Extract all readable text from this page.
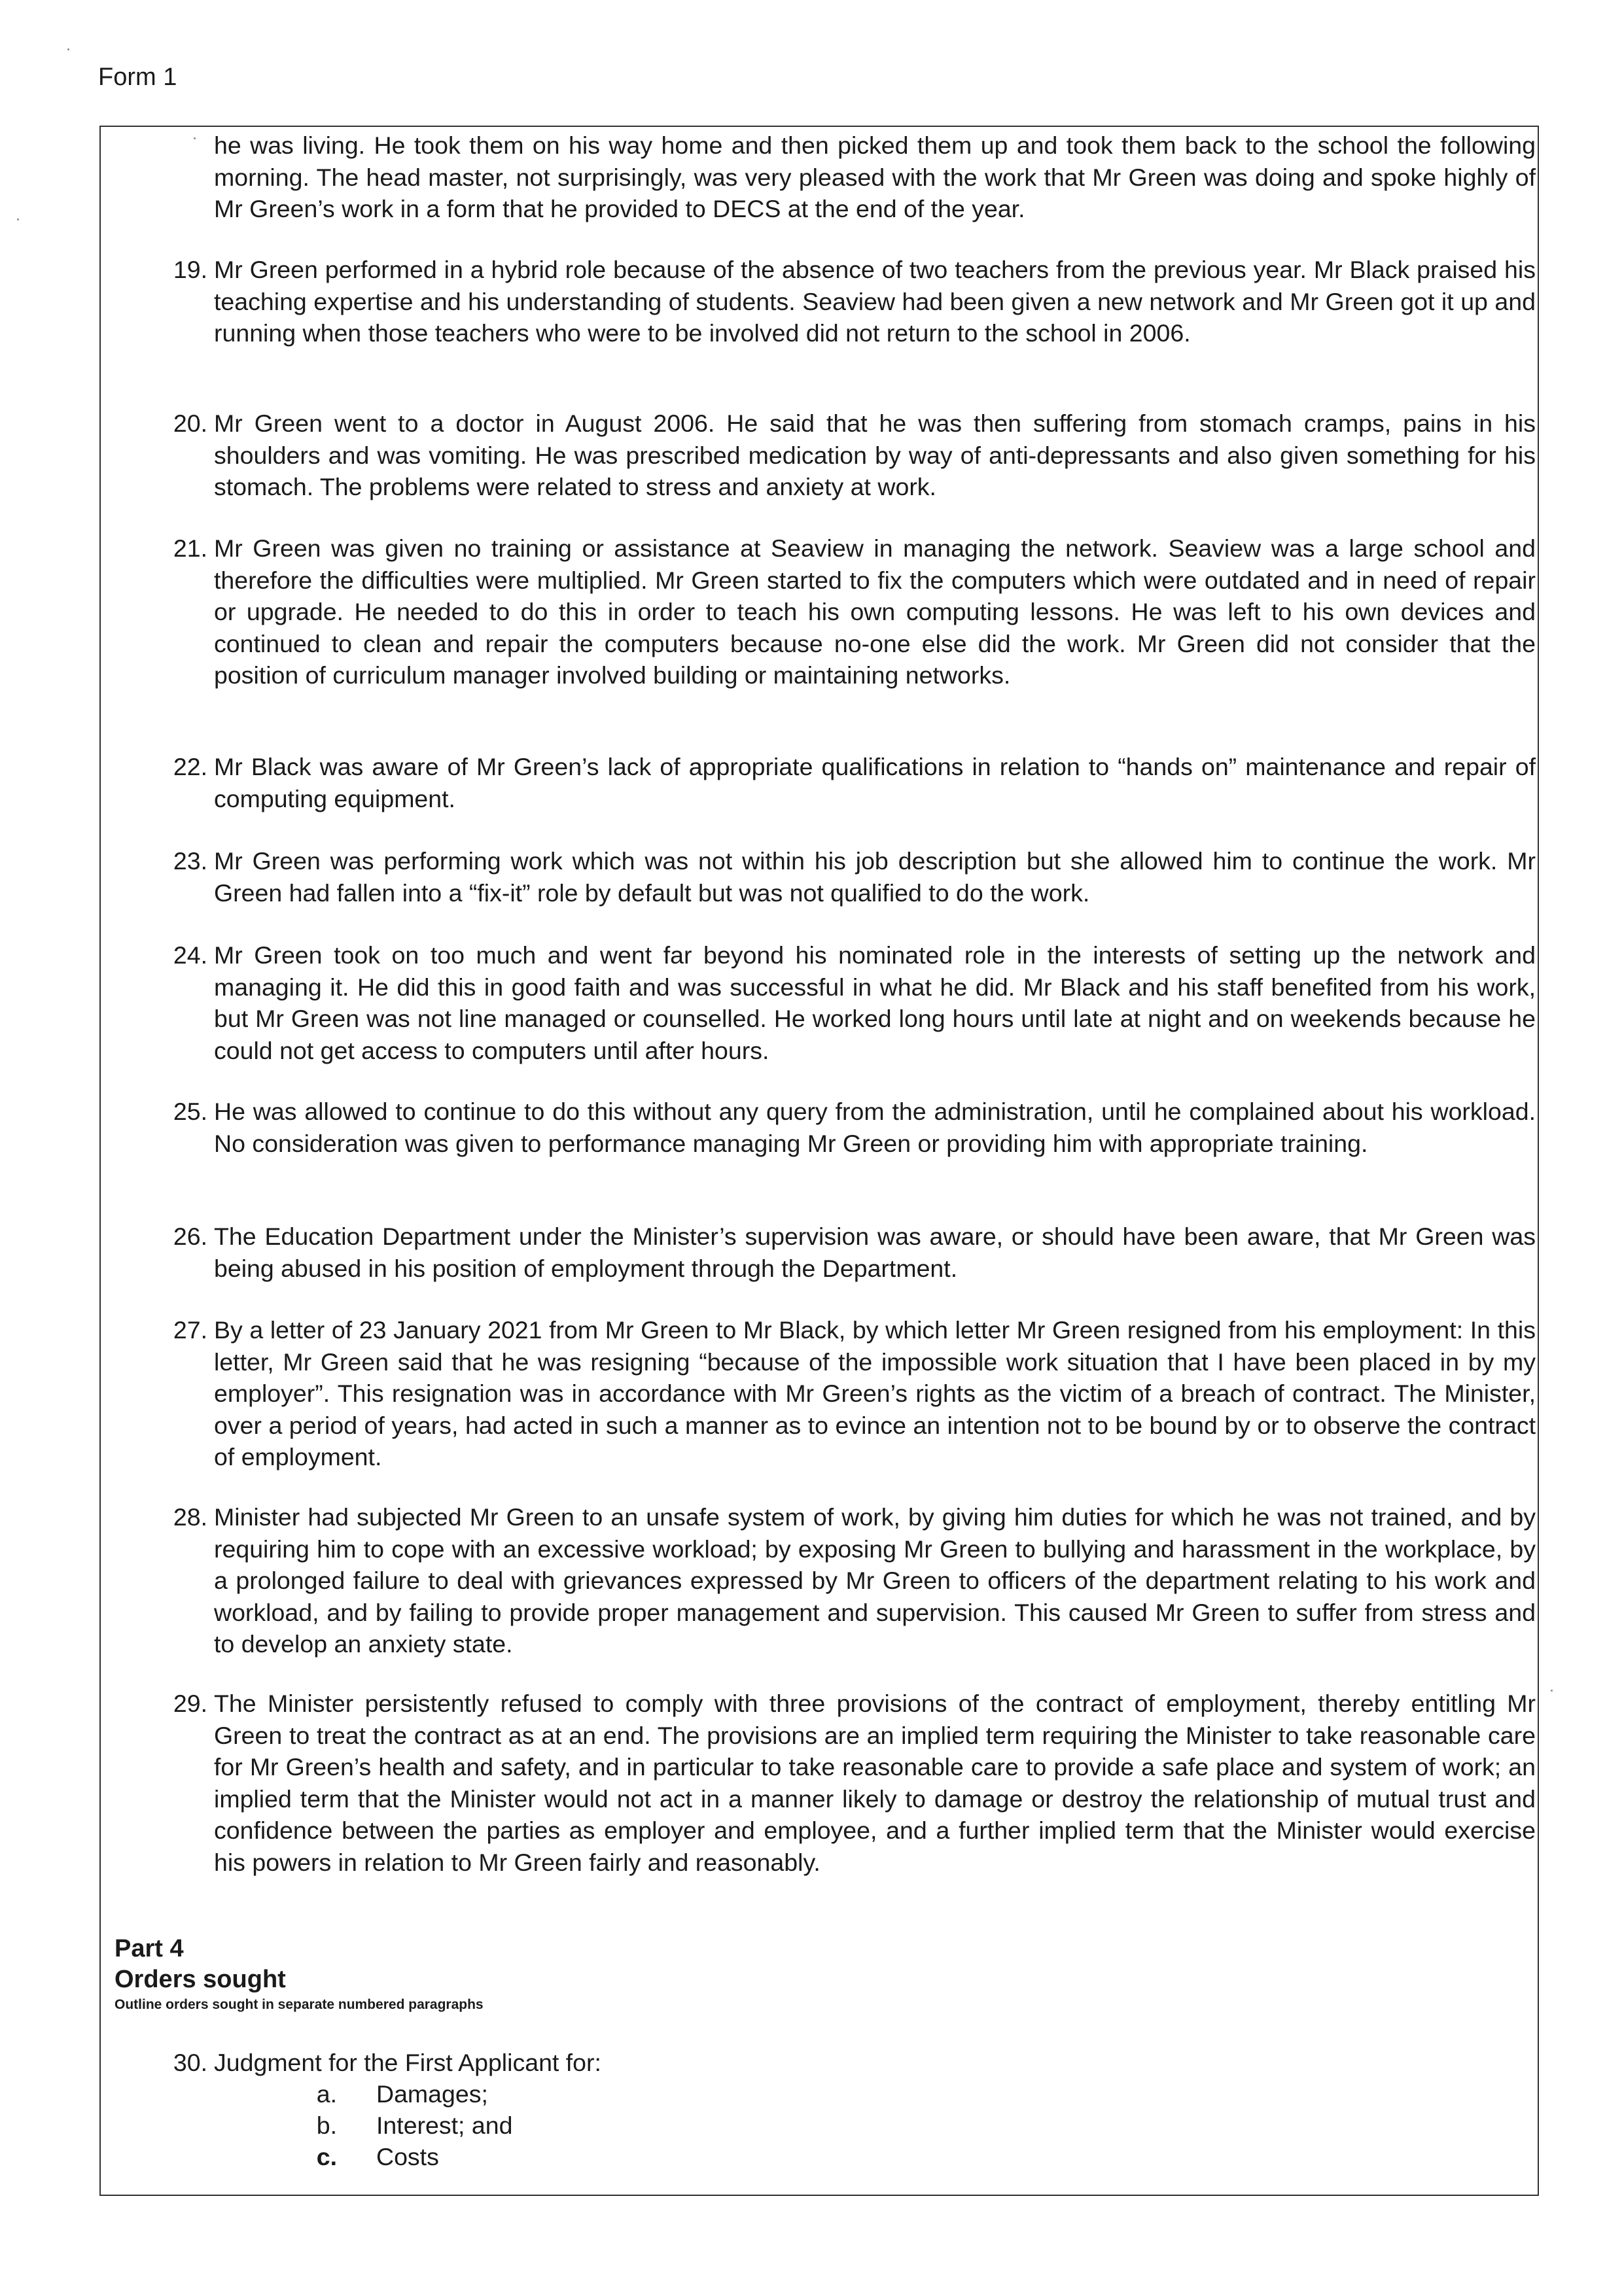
Form 1
he was living. He took them on his way home and then picked them up and took them back to the school the following morning. The head master, not surprisingly, was very pleased with the work that Mr Green was doing and spoke highly of Mr Green’s work in a form that he provided to DECS at the end of the year.
19. Mr Green performed in a hybrid role because of the absence of two teachers from the previous year. Mr Black praised his teaching expertise and his understanding of students. Seaview had been given a new network and Mr Green got it up and running when those teachers who were to be involved did not return to the school in 2006.
20. Mr Green went to a doctor in August 2006. He said that he was then suffering from stomach cramps, pains in his shoulders and was vomiting. He was prescribed medication by way of anti-depressants and also given something for his stomach. The problems were related to stress and anxiety at work.
21. Mr Green was given no training or assistance at Seaview in managing the network. Seaview was a large school and therefore the difficulties were multiplied. Mr Green started to fix the computers which were outdated and in need of repair or upgrade. He needed to do this in order to teach his own computing lessons. He was left to his own devices and continued to clean and repair the computers because no-one else did the work. Mr Green did not consider that the position of curriculum manager involved building or maintaining networks.
22. Mr Black was aware of Mr Green’s lack of appropriate qualifications in relation to “hands on” maintenance and repair of computing equipment.
23. Mr Green was performing work which was not within his job description but she allowed him to continue the work. Mr Green had fallen into a “fix-it” role by default but was not qualified to do the work.
24. Mr Green took on too much and went far beyond his nominated role in the interests of setting up the network and managing it. He did this in good faith and was successful in what he did. Mr Black and his staff benefited from his work, but Mr Green was not line managed or counselled. He worked long hours until late at night and on weekends because he could not get access to computers until after hours.
25. He was allowed to continue to do this without any query from the administration, until he complained about his workload. No consideration was given to performance managing Mr Green or providing him with appropriate training.
26. The Education Department under the Minister’s supervision was aware, or should have been aware, that Mr Green was being abused in his position of employment through the Department.
27. By a letter of 23 January 2021 from Mr Green to Mr Black, by which letter Mr Green resigned from his employment: In this letter, Mr Green said that he was resigning “because of the impossible work situation that I have been placed in by my employer”. This resignation was in accordance with Mr Green’s rights as the victim of a breach of contract. The Minister, over a period of years, had acted in such a manner as to evince an intention not to be bound by or to observe the contract of employment.
28. Minister had subjected Mr Green to an unsafe system of work, by giving him duties for which he was not trained, and by requiring him to cope with an excessive workload; by exposing Mr Green to bullying and harassment in the workplace, by a prolonged failure to deal with grievances expressed by Mr Green to officers of the department relating to his work and workload, and by failing to provide proper management and supervision. This caused Mr Green to suffer from stress and to develop an anxiety state.
29. The Minister persistently refused to comply with three provisions of the contract of employment, thereby entitling Mr Green to treat the contract as at an end. The provisions are an implied term requiring the Minister to take reasonable care for Mr Green’s health and safety, and in particular to take reasonable care to provide a safe place and system of work; an implied term that the Minister would not act in a manner likely to damage or destroy the relationship of mutual trust and confidence between the parties as employer and employee, and a further implied term that the Minister would exercise his powers in relation to Mr Green fairly and reasonably.
Part 4
Orders sought
Outline orders sought in separate numbered paragraphs
30. Judgment for the First Applicant for:
a. Damages;
b. Interest; and
c. Costs
